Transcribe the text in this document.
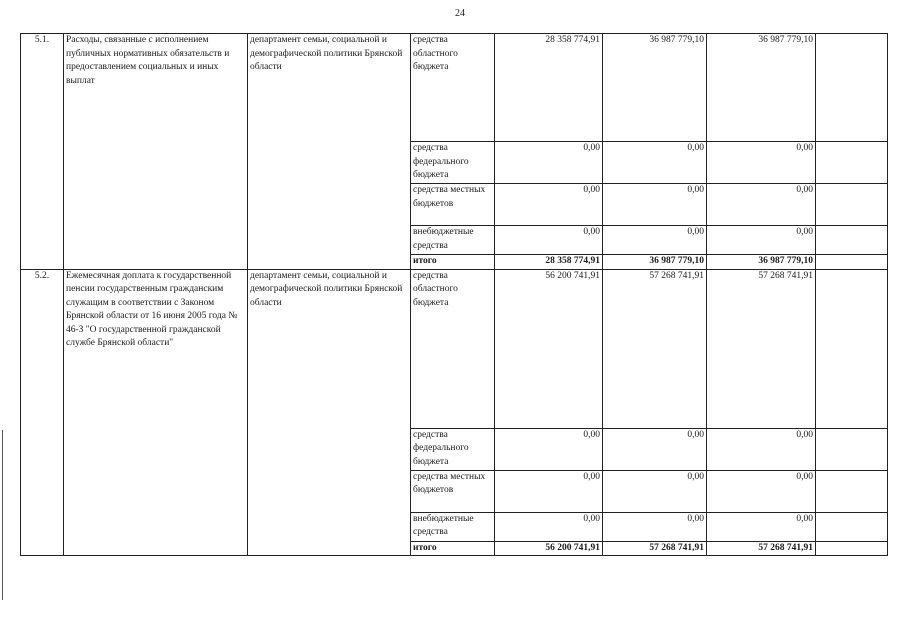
24
5.1.	Расходы, связанные с исполнением публичных нормативных обязательств и предоставлением социальных и иных выплат	департамент семьи, социальной и демографической политики Брянской области	средства областного бюджета	28 358 774,91	36 987 779,10	36 987 779,10	
			средства федерального бюджета	0,00	0,00	0,00	
			средства местных бюджетов	0,00	0,00	0,00	
			внебюджетные средства	0,00	0,00	0,00	
			итого	28 358 774,91	36 987 779,10	36 987 779,10	
5.2.	Ежемесячная доплата к государственной пенсии государственным гражданским служащим в соответствии с Законом Брянской области от 16 июня 2005 года № 46-З "О государственной гражданской службе Брянской области"	департамент семьи, социальной и демографической политики Брянской области	средства областного бюджета	56 200 741,91	57 268 741,91	57 268 741,91	
			средства федерального бюджета	0,00	0,00	0,00	
			средства местных бюджетов	0,00	0,00	0,00	
			внебюджетные средства	0,00	0,00	0,00	
			итого	56 200 741,91	57 268 741,91	57 268 741,91	
